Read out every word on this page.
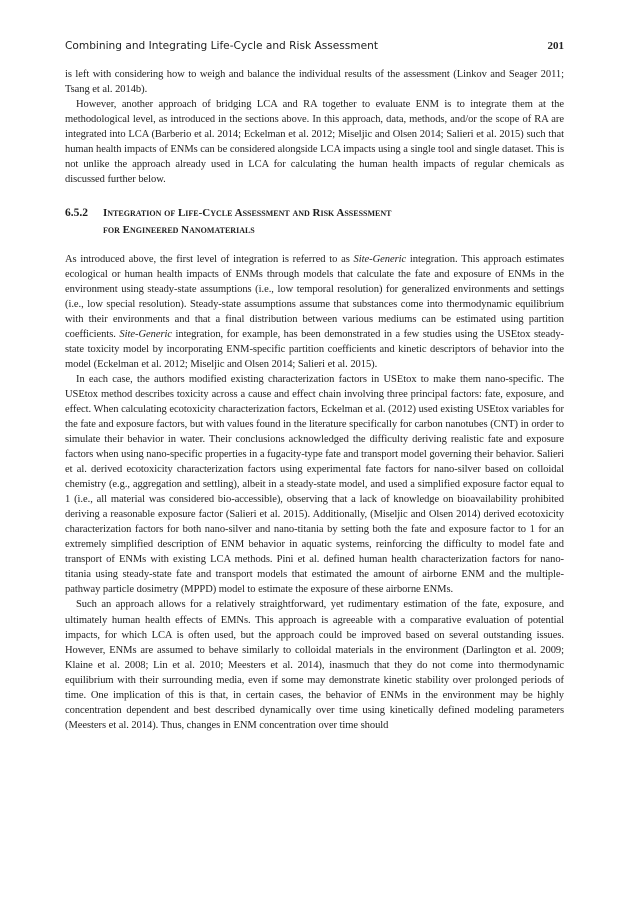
Combining and Integrating Life-Cycle and Risk Assessment	201

is left with considering how to weigh and balance the individual results of the assessment (Linkov and Seager 2011; Tsang et al. 2014b).

However, another approach of bridging LCA and RA together to evaluate ENM is to integrate them at the methodological level, as introduced in the sections above. In this approach, data, methods, and/or the scope of RA are integrated into LCA (Barberio et al. 2014; Eckelman et al. 2012; Miseljic and Olsen 2014; Salieri et al. 2015) such that human health impacts of ENMs can be considered alongside LCA impacts using a single tool and single dataset. This is not unlike the approach already used in LCA for calculating the human health impacts of regular chemicals as discussed further below.

6.5.2 Integration of Life-Cycle Assessment and Risk Assessment
for Engineered Nanomaterials

As introduced above, the first level of integration is referred to as Site-Generic integration. This approach estimates ecological or human health impacts of ENMs through models that calculate the fate and exposure of ENMs in the environment using steady-state assumptions (i.e., low temporal resolution) for generalized environments and settings (i.e., low special resolution). Steady-state assumptions assume that substances come into thermodynamic equilibrium with their environments and that a final distribution between various mediums can be estimated using partition coefficients. Site-Generic integration, for example, has been demonstrated in a few studies using the USEtox steady-state toxicity model by incorporating ENM-specific partition coefficients and kinetic descriptors of behavior into the model (Eckelman et al. 2012; Miseljic and Olsen 2014; Salieri et al. 2015).

In each case, the authors modified existing characterization factors in USEtox to make them nano-specific. The USEtox method describes toxicity across a cause and effect chain involving three principal factors: fate, exposure, and effect. When calculating ecotoxicity characterization factors, Eckelman et al. (2012) used existing USEtox variables for the fate and exposure factors, but with values found in the literature specifically for carbon nanotubes (CNT) in order to simulate their behavior in water. Their conclusions acknowledged the difficulty deriving realistic fate and exposure factors when using nano-specific properties in a fugacity-type fate and transport model governing their behavior. Salieri et al. derived ecotoxicity characterization factors using experimental fate factors for nano-silver based on colloidal chemistry (e.g., aggregation and settling), albeit in a steady-state model, and used a simplified exposure factor equal to 1 (i.e., all material was considered bio-accessible), observing that a lack of knowledge on bioavailability prohibited deriving a reasonable exposure factor (Salieri et al. 2015). Additionally, (Miseljic and Olsen 2014) derived ecotoxicity characterization factors for both nano-silver and nano-titania by setting both the fate and exposure factor to 1 for an extremely simplified description of ENM behavior in aquatic systems, reinforcing the difficulty to model fate and transport of ENMs with existing LCA methods. Pini et al. defined human health characterization factors for nano-titania using steady-state fate and transport models that estimated the amount of airborne ENM and the multiple-pathway particle dosimetry (MPPD) model to estimate the exposure of these airborne ENMs.

Such an approach allows for a relatively straightforward, yet rudimentary estimation of the fate, exposure, and ultimately human health effects of EMNs. This approach is agreeable with a comparative evaluation of potential impacts, for which LCA is often used, but the approach could be improved based on several outstanding issues. However, ENMs are assumed to behave similarly to colloidal materials in the environment (Darlington et al. 2009; Klaine et al. 2008; Lin et al. 2010; Meesters et al. 2014), inasmuch that they do not come into thermodynamic equilibrium with their surrounding media, even if some may demonstrate kinetic stability over prolonged periods of time. One implication of this is that, in certain cases, the behavior of ENMs in the environment may be highly concentration dependent and best described dynamically over time using kinetically defined modeling parameters (Meesters et al. 2014). Thus, changes in ENM concentration over time should
